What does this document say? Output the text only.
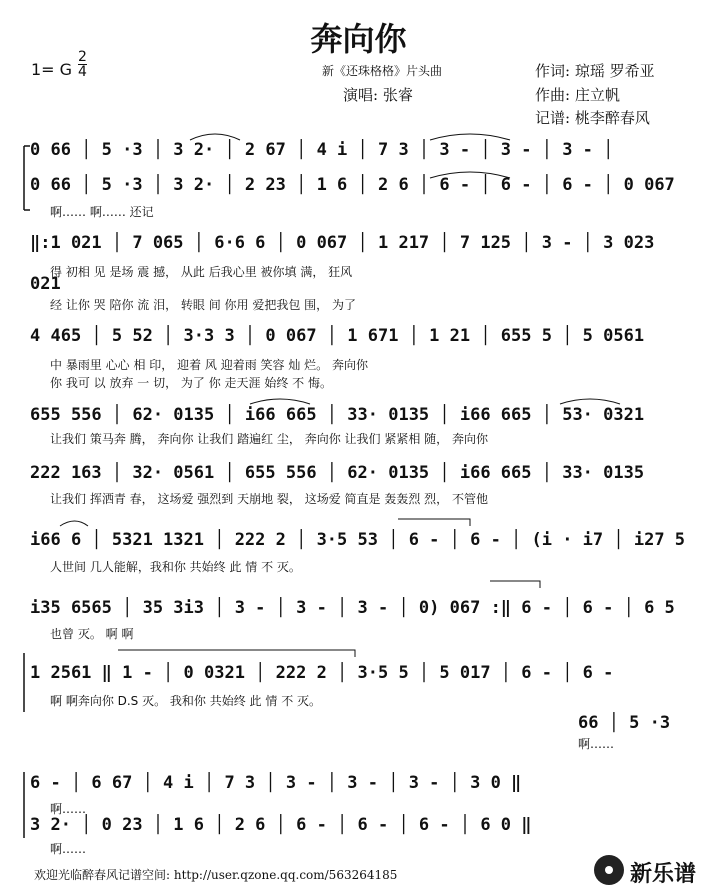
奔向你
1= G
2
4	新《还珠格格》片头曲
演唱: 张睿
作词: 琼瑶 罗希亚
作曲: 庄立帆
记谱: 桃李醉春风
0 66 │ 5 ·3 │ 3 2· │ 2 67 │ 4 i │ 7 3 │ 3 - │ 3 - │ 3 - │
0 66 │ 5 ·3 │ 3 2· │ 2 23 │ 1 6 │ 2 6 │ 6 - │ 6 - │ 6 - │ 0 067
啊…… 啊…… 还记
‖:1 021 │ 7 065 │ 6·6 6 │ 0 067 │ 1 217 │ 7 125 │ 3 - │ 3 023
得 初相 见 是场 震 撼， 从此 后我心里 被你填 满， 狂风
021
经 让你 哭 陪你 流 泪， 转眼 间 你用 爱把我包 围， 为了
4 465 │ 5 52 │ 3·3 3 │ 0 067 │ 1 671 │ 1 21 │ 655 5 │ 5 0561
中 暴雨里 心心 相 印， 迎着 风 迎着雨 笑容 灿 烂。 奔向你
你 我可 以 放弃 一 切， 为了 你 走天涯 始终 不 悔。
655 556 │ 62· 0135 │ i66 665 │ 33· 0135 │ i66 665 │ 53· 0321
让我们 策马奔 腾， 奔向你 让我们 踏遍红 尘， 奔向你 让我们 紧紧相 随， 奔向你
222 163 │ 32· 0561 │ 655 556 │ 62· 0135 │ i66 665 │ 33· 0135
让我们 挥洒青 春， 这场爱 强烈到 天崩地 裂， 这场爱 简直是 轰轰烈 烈， 不管他
i66 6 │ 5321 1321 │ 222 2 │ 3·5 53 │ 6 - │ 6 - │ (i · i7 │ i27 5
人世间 几人能解，我和你 共始终 此 情 不 灭。
i35 6565 │ 35 3i3 │ 3 - │ 3 - │ 3 - │ 0) 067 :‖ 6 - │ 6 - │ 6 5
也曾 灭。 啊 啊
1 2561 ‖ 1 - │ 0 0321 │ 222 2 │ 3·5 5 │ 5 017 │ 6 - │ 6 -
啊 啊奔向你 D.S 灭。 我和你 共始终 此 情 不 灭。
66 │ 5 ·3
啊……
6 - │ 6 67 │ 4 i │ 7 3 │ 3 - │ 3 - │ 3 - │ 3 0 ‖
啊……
3 2· │ 0 23 │ 1 6 │ 2 6 │ 6 - │ 6 - │ 6 - │ 6 0 ‖
啊……
欢迎光临醉春风记谱空间: http://user.qzone.qq.com/563264185	新乐谱
